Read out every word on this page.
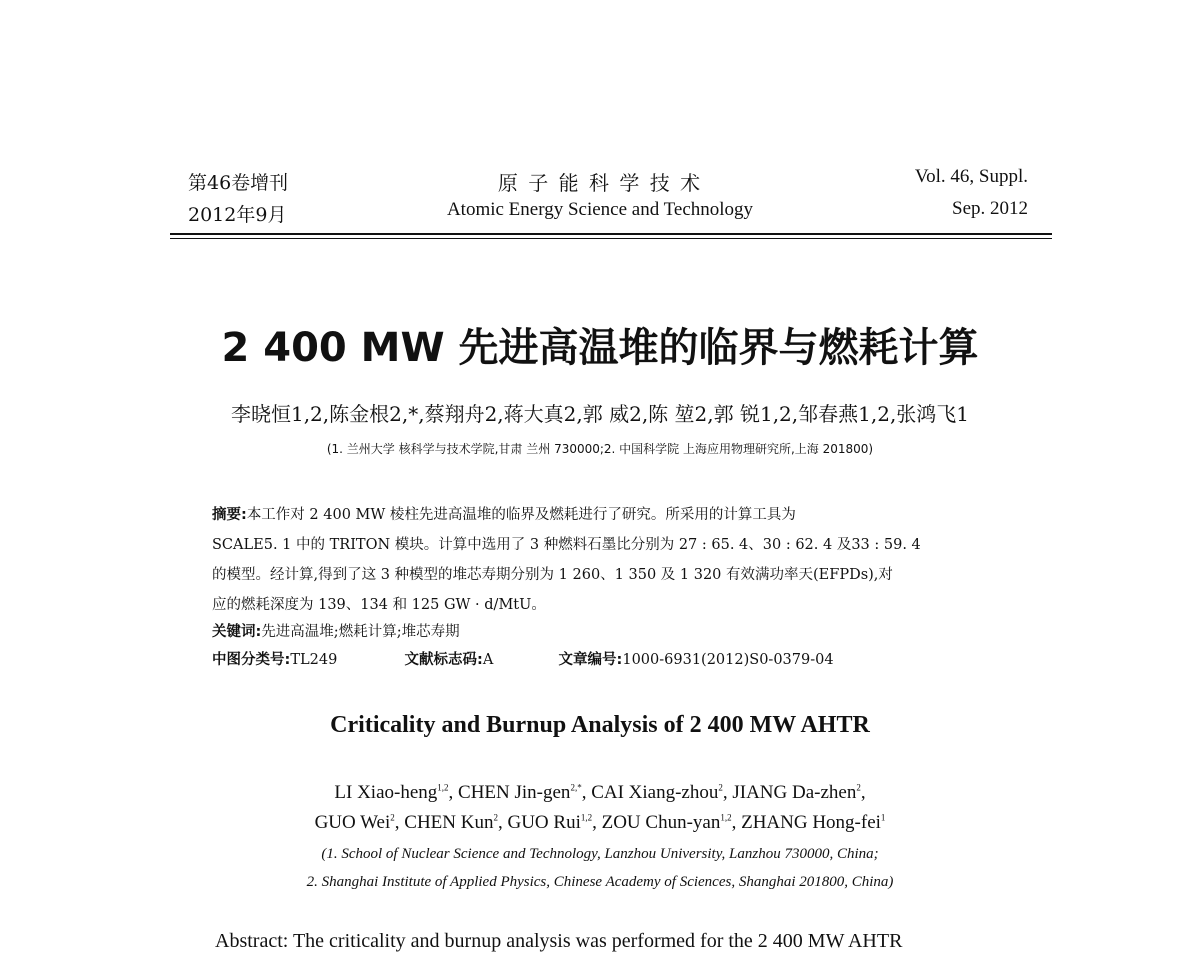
第46卷增刊
2012年9月
原 子 能 科 学 技 术
Atomic Energy Science and Technology
Vol. 46, Suppl.
Sep. 2012
2 400 MW 先进高温堆的临界与燃耗计算
李晓恒1,2,陈金根2,*,蔡翔舟2,蒋大真2,郭 威2,陈 堃2,郭 锐1,2,邹春燕1,2,张鸿飞1
(1. 兰州大学 核科学与技术学院,甘肃 兰州 730000;2. 中国科学院 上海应用物理研究所,上海 201800)
摘要:本工作对 2 400 MW 棱柱先进高温堆的临界及燃耗进行了研究。所采用的计算工具为
SCALE5. 1 中的 TRITON 模块。计算中选用了 3 种燃料石墨比分别为 27 : 65. 4、30 : 62. 4 及33 : 59. 4
的模型。经计算,得到了这 3 种模型的堆芯寿期分别为 1 260、1 350 及 1 320 有效满功率天(EFPDs),对
应的燃耗深度为 139、134 和 125 GW · d/MtU。
关键词:先进高温堆;燃耗计算;堆芯寿期
中图分类号:TL249	文献标志码:A	文章编号:1000-6931(2012)S0-0379-04
Criticality and Burnup Analysis of 2 400 MW AHTR
LI Xiao-heng$^{1,2}$, CHEN Jin-gen$^{2,*}$, CAI Xiang-zhou$^2$, JIANG Da-zhen$^2$,
GUO Wei$^2$, CHEN Kun$^2$, GUO Rui$^{1,2}$, ZOU Chun-yan$^{1,2}$, ZHANG Hong-fei$^1$
(1. School of Nuclear Science and Technology, Lanzhou University, Lanzhou 730000, China;
2. Shanghai Institute of Applied Physics, Chinese Academy of Sciences, Shanghai 201800, China)
Abstract: The criticality and burnup analysis was performed for the 2 400 MW AHTR
